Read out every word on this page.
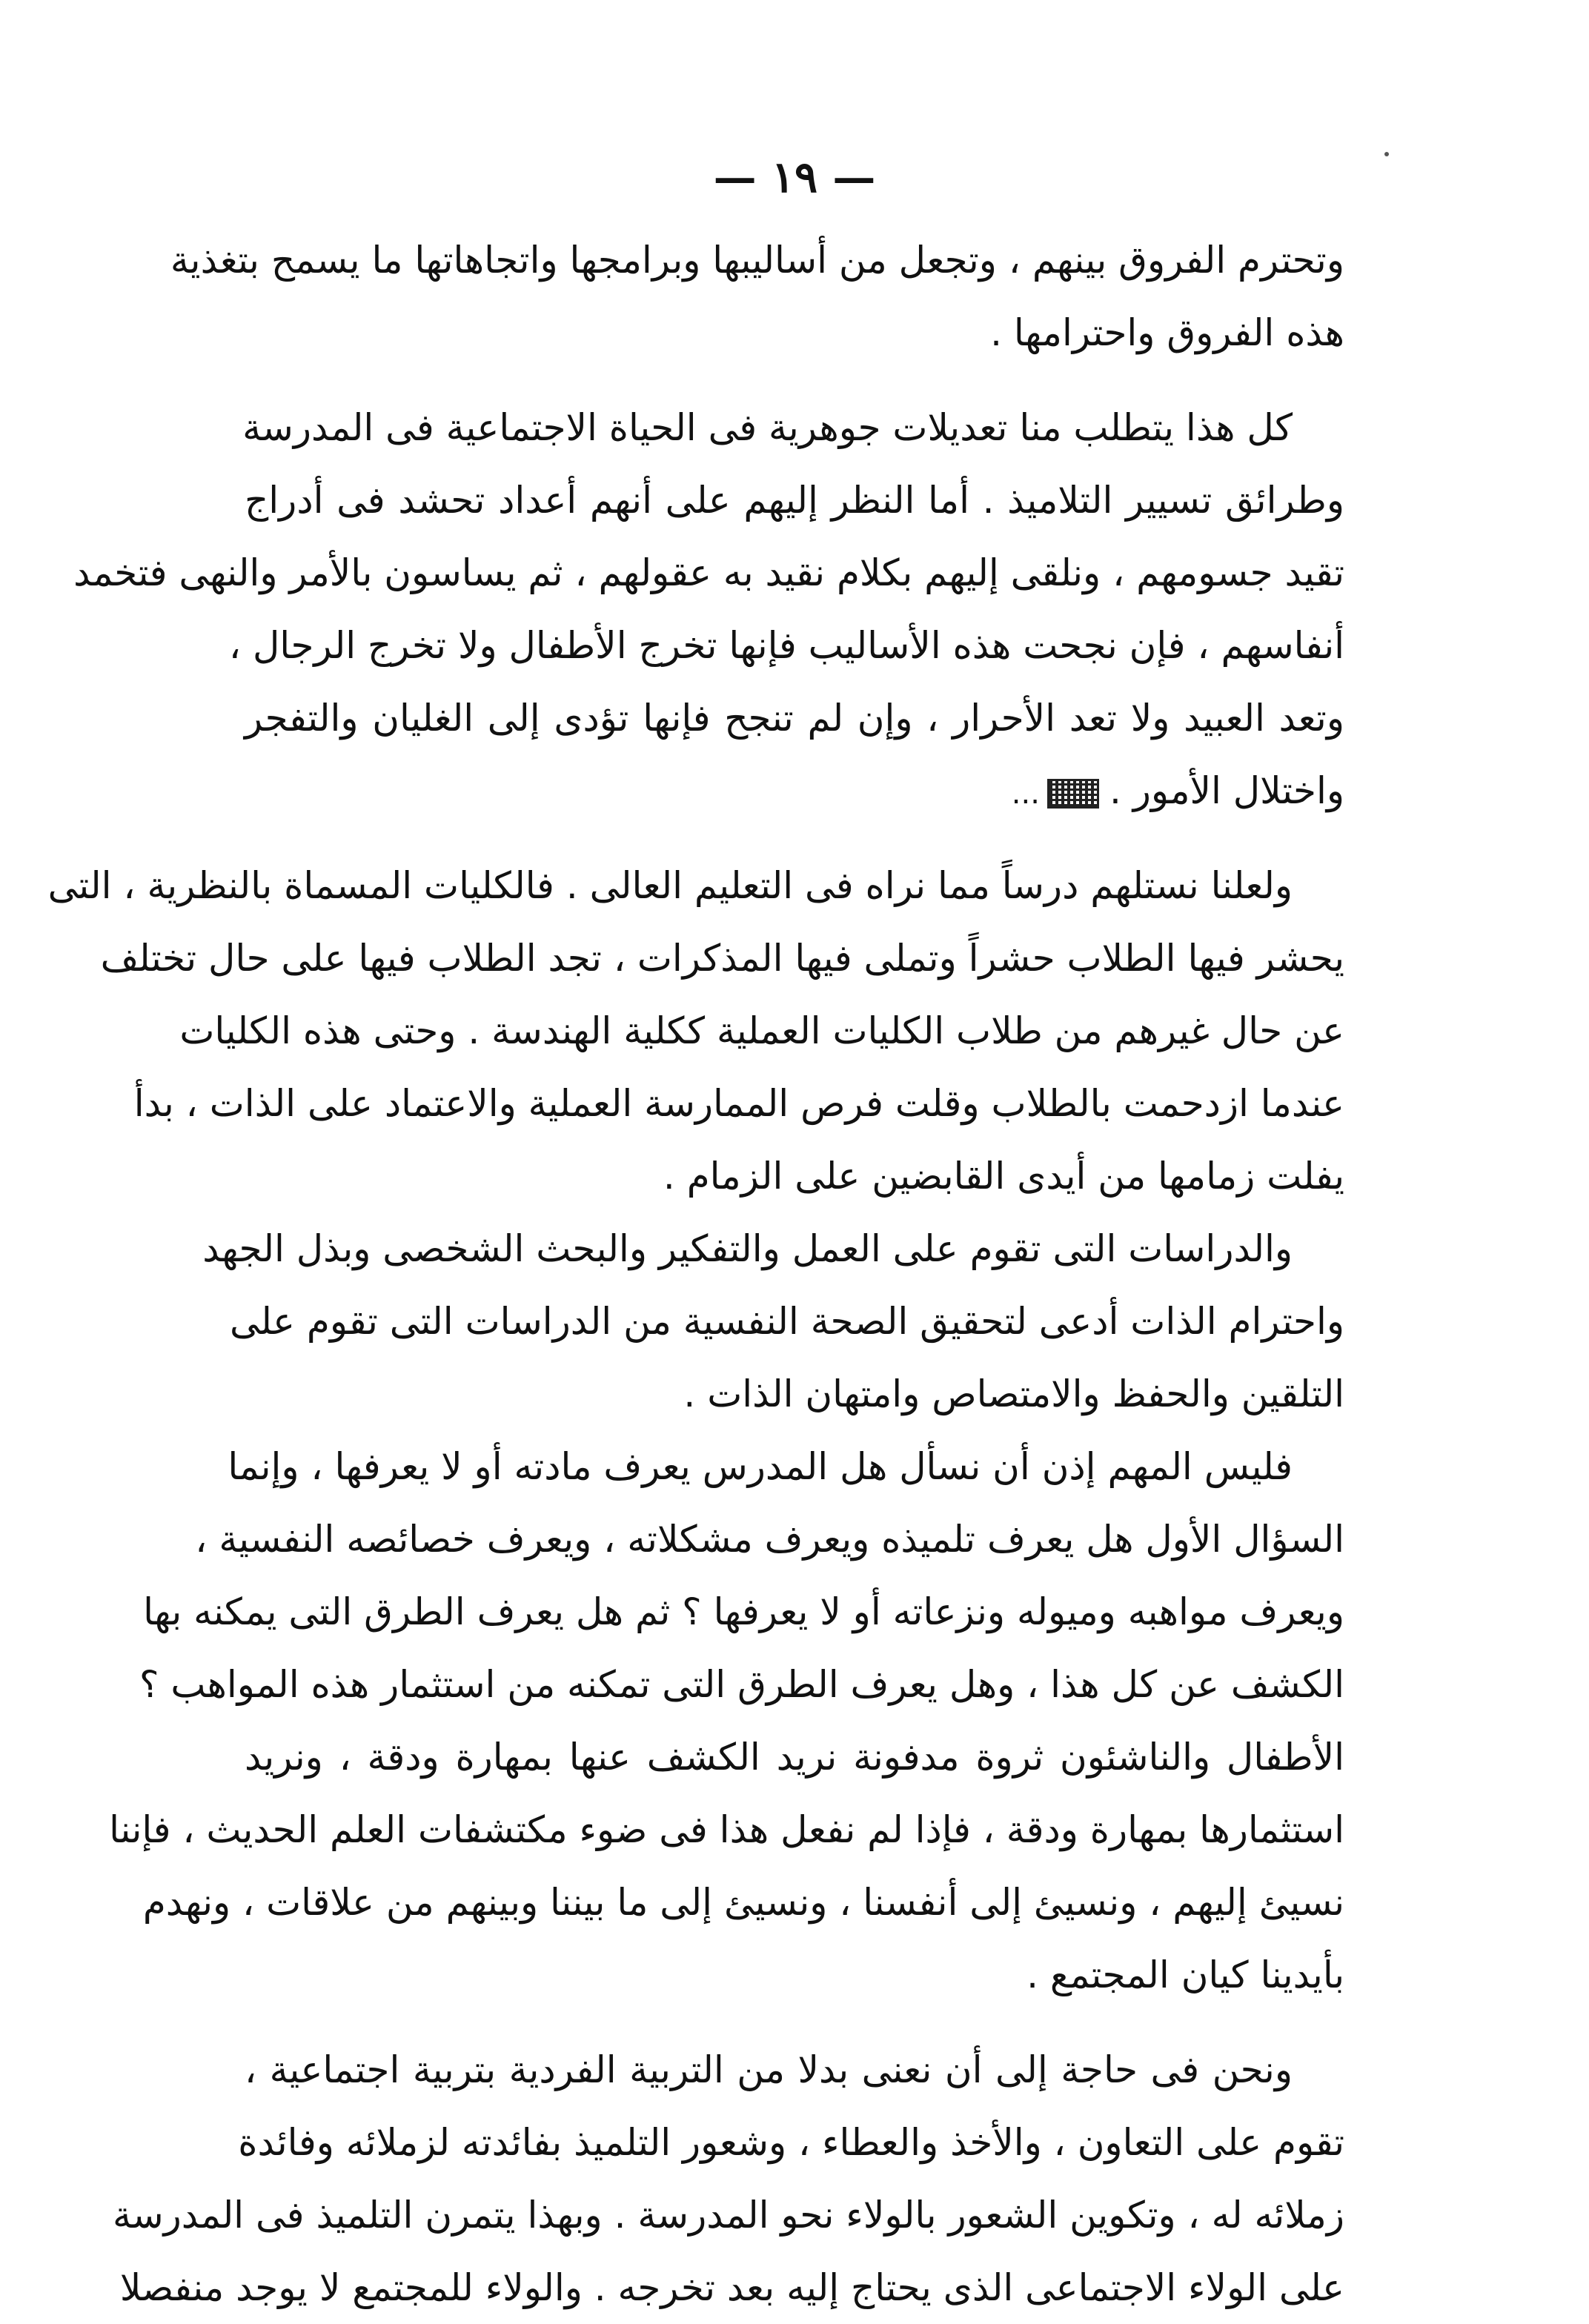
— ١٩ —
وتحترم الفروق بينهم ، وتجعل من أساليبها وبرامجها واتجاهاتها ما يسمح بتغذية
هذه الفروق واحترامها .
كل هذا يتطلب منا تعديلات جوهرية فى الحياة الاجتماعية فى المدرسة
وطرائق تسيير التلاميذ . أما النظر إليهم على أنهم أعداد تحشد فى أدراج
تقيد جسومهم ، ونلقى إليهم بكلام نقيد به عقولهم ، ثم يساسون بالأمر والنهى فتخمد
أنفاسهم ، فإن نجحت هذه الأساليب فإنها تخرج الأطفال ولا تخرج الرجال ،
وتعد العبيد ولا تعد الأحرار ، وإن لم تنجح فإنها تؤدى إلى الغليان والتفجر
واختلال الأمور ....
ولعلنا نستلهم درساً مما نراه فى التعليم العالى . فالكليات المسماة بالنظرية ، التى
يحشر فيها الطلاب حشراً وتملى فيها المذكرات ، تجد الطلاب فيها على حال تختلف
عن حال غيرهم من طلاب الكليات العملية ككلية الهندسة . وحتى هذه الكليات
عندما ازدحمت بالطلاب وقلت فرص الممارسة العملية والاعتماد على الذات ، بدأ
يفلت زمامها من أيدى القابضين على الزمام .
والدراسات التى تقوم على العمل والتفكير والبحث الشخصى وبذل الجهد
واحترام الذات أدعى لتحقيق الصحة النفسية من الدراسات التى تقوم على
التلقين والحفظ والامتصاص وامتهان الذات .
فليس المهم إذن أن نسأل هل المدرس يعرف مادته أو لا يعرفها ، وإنما
السؤال الأول هل يعرف تلميذه ويعرف مشكلاته ، ويعرف خصائصه النفسية ،
ويعرف مواهبه وميوله ونزعاته أو لا يعرفها ؟ ثم هل يعرف الطرق التى يمكنه بها
الكشف عن كل هذا ، وهل يعرف الطرق التى تمكنه من استثمار هذه المواهب ؟
الأطفال والناشئون ثروة مدفونة نريد الكشف عنها بمهارة ودقة ، ونريد
استثمارها بمهارة ودقة ، فإذا لم نفعل هذا فى ضوء مكتشفات العلم الحديث ، فإننا
نسيئ إليهم ، ونسيئ إلى أنفسنا ، ونسيئ إلى ما بيننا وبينهم من علاقات ، ونهدم
بأيدينا كيان المجتمع .
ونحن فى حاجة إلى أن نعنى بدلا من التربية الفردية بتربية اجتماعية ،
تقوم على التعاون ، والأخذ والعطاء ، وشعور التلميذ بفائدته لزملائه وفائدة
زملائه له ، وتكوين الشعور بالولاء نحو المدرسة . وبهذا يتمرن التلميذ فى المدرسة
على الولاء الاجتماعى الذى يحتاج إليه بعد تخرجه . والولاء للمجتمع لا يوجد منفصلا
